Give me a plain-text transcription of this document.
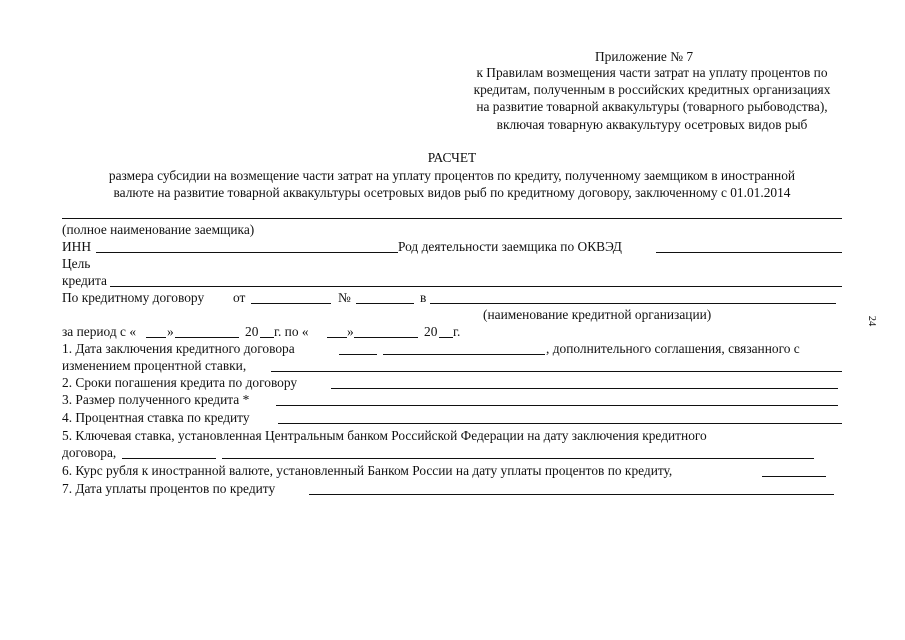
Приложение № 7
к Правилам возмещения части затрат на уплату процентов по
кредитам, полученным в российских кредитных организациях
на развитие товарной аквакультуры (товарного рыбоводства),
включая товарную аквакультуру осетровых видов рыб
РАСЧЕТ
размера субсидии на возмещение части затрат на уплату процентов по кредиту, полученному заемщиком в иностранной
валюте на развитие товарной аквакультуры осетровых видов рыб по кредитному договору, заключенному с 01.01.2014
(полное наименование заемщика)
ИНН	Род деятельности заемщика по ОКВЭД
Цель
кредита
По кредитному договору от	№	в
(наименование кредитной организации)
за период с « »	20 г. по «	»	20 г.
1. Дата заключения кредитного договора	, дополнительного соглашения, связанного с
изменением процентной ставки,
2. Сроки погашения кредита по договору
3. Размер полученного кредита *
4. Процентная ставка по кредиту
5. Ключевая ставка, установленная Центральным банком Российской Федерации на дату заключения кредитного
договора,
6. Курс рубля к иностранной валюте, установленный Банком России на дату уплаты процентов по кредиту,
7. Дата уплаты процентов по кредиту
24
